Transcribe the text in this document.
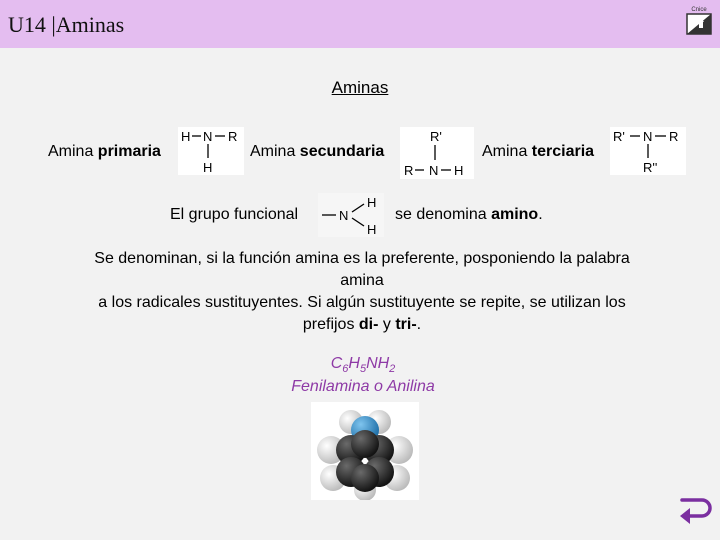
U14 |Aminas
Cnice
Aminas
Amina primaria
H N R
H
Amina secundaria
R'
R N H
Amina terciaria
R' N R
R''
El grupo funcional	N
H
H
se denomina amino.
Se denominan, si la función amina es la preferente, posponiendo la palabra
amina
a los radicales sustituyentes. Si algún sustituyente se repite, se utilizan los
prefijos di- y tri-.
$C_6H_5NH_2$
Fenilamina o Anilina
